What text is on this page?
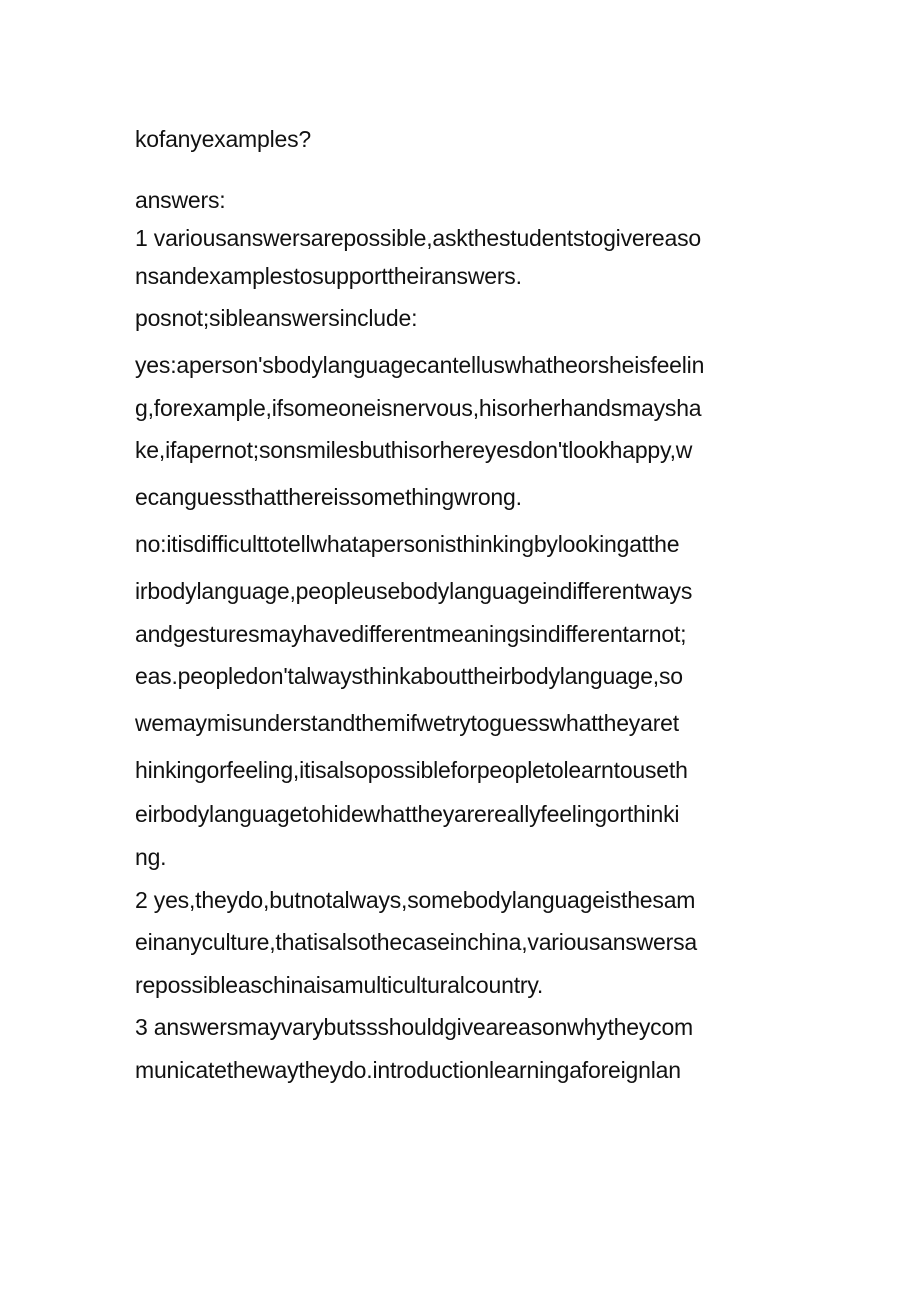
kofanyexamples?
answers:
1 variousanswersarepossible,askthestudentstogivereaso
nsandexamplestosupporttheiranswers.
posnot;sibleanswersinclude:
yes:aperson'sbodylanguagecantelluswhatheorsheisfeelin
g,forexample,ifsomeoneisnervous,hisorherhandsmaysha
ke,ifapernot;sonsmilesbuthisorhereyesdon'tlookhappy,w
ecanguessthatthereissomethingwrong.
no:itisdifficulttotellwhatapersonisthinkingbylookingatthe
irbodylanguage,peopleusebodylanguageindifferentways
andgesturesmayhavedifferentmeaningsindifferentarnot;
eas.peopledon'talwaysthinkabouttheirbodylanguage,so
wemaymisunderstandthemifwetrytoguesswhattheyaret
hinkingorfeeling,itisalsopossibleforpeopletolearntouseth
eirbodylanguagetohidewhattheyarereallyfeelingorthinki
ng.
2 yes,theydo,butnotalways,somebodylanguageisthesam
einanyculture,thatisalsothecaseinchina,variousanswersa
repossibleaschinaisamulticulturalcountry.
3 answersmayvarybutssshouldgiveareasonwhytheycom
municatethewaytheydo.introductionlearningaforeignlan
